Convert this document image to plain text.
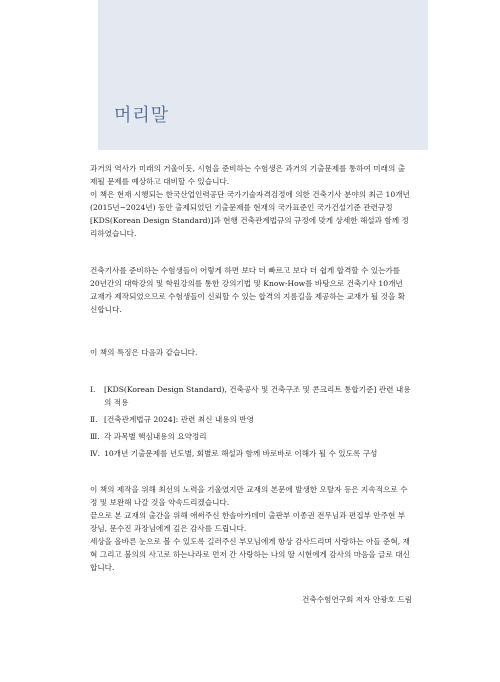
머리말

과거의 역사가 미래의 거울이듯, 시험을 준비하는 수험생은 과거의 기출문제를 통하여 미래의 출제될 문제를 예상하고 대비할 수 있습니다.

이 책은 현재 시행되는 한국산업인력공단 국가기술자격검정에 의한 건축기사 분야의 최근 10개년(2015년~2024년) 동안 출제되었던 기출문제를 현재의 국가표준인 국가건설기준 관련규정[KDS(Korean Design Standard)]과 현행 건축관계법규의 규정에 맞게 상세한 해설과 함께 정리하였습니다.

건축기사를 준비하는 수험생들이 어렇게 하면 보다 더 빠르고 보다 더 쉽게 합격할 수 있는가를 20년간의 대학강의 및 학원강의를 통한 강의기법 및 Know-How를 바탕으로 건축기사 10개년 교재가 제작되었으므로 수험생들이 신뢰할 수 있는 합격의 지름길을 제공하는 교재가 될 것을 확신합니다.

이 책의 특징은 다음과 같습니다.

Ⅰ.	[KDS(Korean Design Standard), 건축공사 및 건축구조 및 콘크리트 통합기준] 관련 내용의 적용
Ⅱ. [건축관계법규 2024]: 관련 최신 내용의 반영
Ⅲ. 각 과목별 핵심내용의 요약정리
Ⅳ. 10개년 기출문제를 년도별, 회별로 해설과 함께 바로바로 이해가 될 수 있도록 구성

이 책의 제작을 위해 최선의 노력을 기울였지만 교재의 본문에 발생한 오탈자 등은 지속적으로 수정 및 보완해 나갈 것을 약속드리겠습니다.

끝으로 본 교재의 출간을 위해 애써주신 한솔아카데미 출판부 이종권 전무님과 편집부 안주현 부장님, 문수진 과장님에게 깊은 감사를 드립니다.

세상을 올바른 눈으로 볼 수 있도록 길러주신 부모님에게 항상 감사드리며 사랑하는 아들 준혁, 재혁 그리고 불의의 사고로 하는나라로 먼저 간 사랑하는 나의 딸 시현에게 감사의 마음을 글로 대신합니다.

건축수험연구회 저자 안광호 드림
